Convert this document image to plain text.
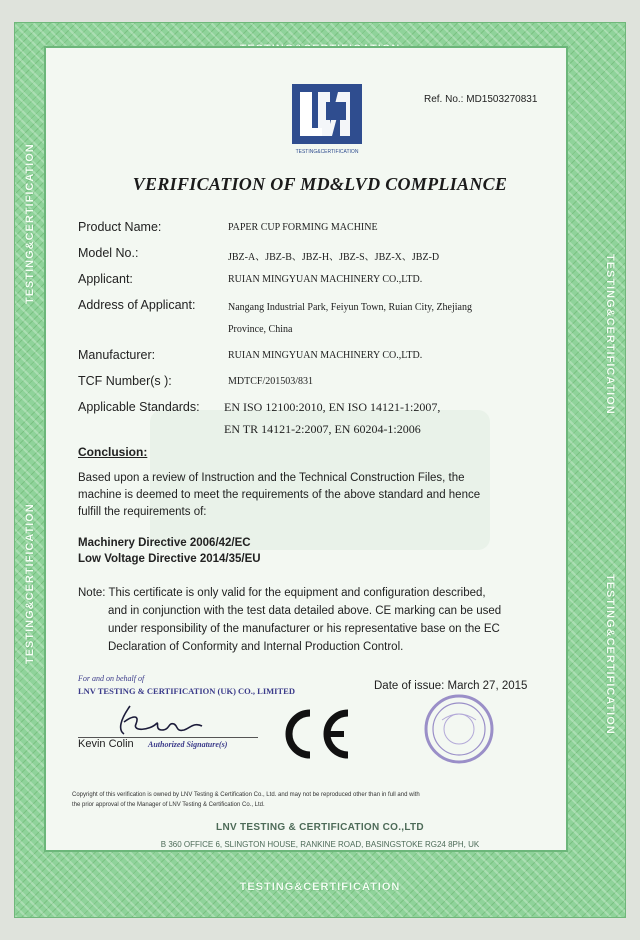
TESTING&CERTIFICATION
TESTING&CERTIFICATION
TESTING&CERTIFICATION
TESTING&CERTIFICATION
TESTING&CERTIFICATION
TESTING&CERTIFICATION
Ref. No.: MD1503270831
VERIFICATION OF MD&LVD COMPLIANCE
Product Name:	PAPER CUP FORMING MACHINE
Model No.:	JBZ-A、JBZ-B、JBZ-H、JBZ-S、JBZ-X、JBZ-D
Applicant:	RUIAN MINGYUAN MACHINERY CO.,LTD.
Address of Applicant:	Nangang Industrial Park, Feiyun Town, Ruian City, Zhejiang
Province, China
Manufacturer:	RUIAN MINGYUAN MACHINERY CO.,LTD.
TCF Number(s ):	MDTCF/201503/831
Applicable Standards: EN ISO 12100:2010, EN ISO 14121-1:2007,
EN TR 14121-2:2007, EN 60204-1:2006
Conclusion:
Based upon a review of Instruction and the Technical Construction Files, the
machine is deemed to meet the requirements of the above standard and hence
fulfill the requirements of:
Machinery Directive 2006/42/EC
Low Voltage Directive 2014/35/EU
Note: This certificate is only valid for the equipment and configuration described,
and in conjunction with the test data detailed above. CE marking can be used
under responsibility of the manufacturer or his representative base on the EC
Declaration of Conformity and Internal Production Control.
For and on behalf of
LNV TESTING & CERTIFICATION (UK) CO., LIMITED
Kevin Colin Authorized Signature(s)
Date of issue: March 27, 2015
Copyright of this verification is owned by LNV Testing & Certification Co., Ltd. and may not be reproduced other than in full and with
the prior approval of the Manager of LNV Testing & Certification Co., Ltd.
LNV TESTING & CERTIFICATION CO.,LTD
B 360 OFFICE 6, SLINGTON HOUSE, RANKINE ROAD, BASINGSTOKE RG24 8PH, UK
